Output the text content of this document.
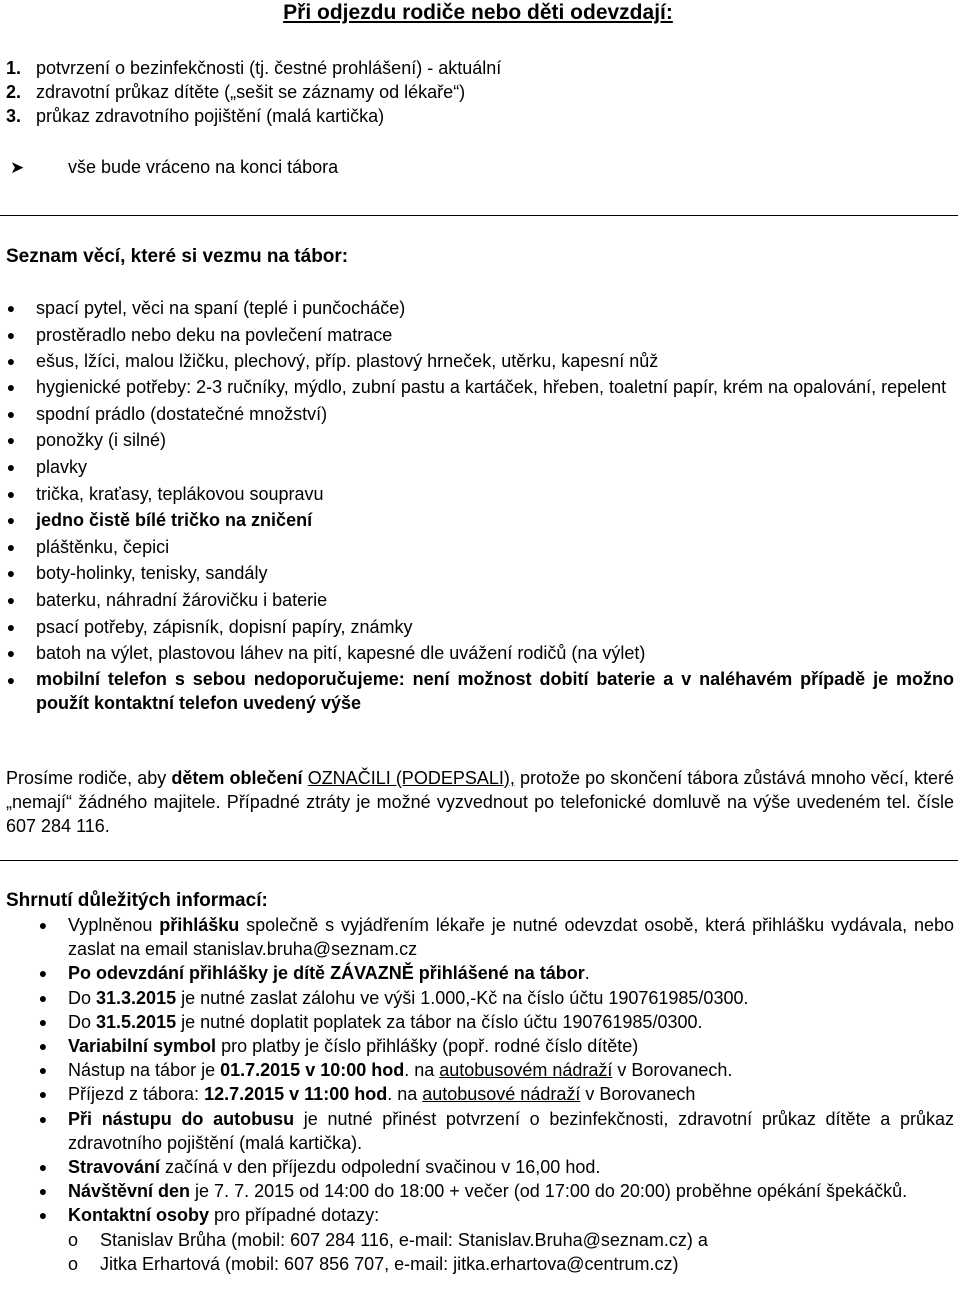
Při odjezdu rodiče nebo děti odevzdají:
1. potvrzení o bezinfekčnosti (tj. čestné prohlášení) - aktuální
2. zdravotní průkaz dítěte („sešit se záznamy od lékaře“)
3. průkaz zdravotního pojištění (malá kartička)
➤ vše bude vráceno na konci tábora
Seznam věcí, které si vezmu na tábor:
● spací pytel, věci na spaní (teplé i punčocháče)
● prostěradlo nebo deku na povlečení matrace
● ešus, lžíci, malou lžičku, plechový, příp. plastový hrneček, utěrku, kapesní nůž
● hygienické potřeby: 2-3 ručníky, mýdlo, zubní pastu a kartáček, hřeben, toaletní papír, krém na opalování, repelent
● spodní prádlo (dostatečné množství)
● ponožky (i silné)
● plavky
● trička, kraťasy, teplákovou soupravu
● jedno čistě bílé tričko na zničení
● pláštěnku, čepici
● boty-holinky, tenisky, sandály
● baterku, náhradní žárovičku i baterie
● psací potřeby, zápisník, dopisní papíry, známky
● batoh na výlet, plastovou láhev na pití, kapesné dle uvážení rodičů (na výlet)
● mobilní telefon s sebou nedoporučujeme: není možnost dobití baterie a v naléhavém případě je možno použít kontaktní telefon uvedený výše
Prosíme rodiče, aby dětem oblečení OZNAČILI (PODEPSALI), protože po skončení tábora zůstává mnoho věcí, které „nemají“ žádného majitele. Případné ztráty je možné vyzvednout po telefonické domluvě na výše uvedeném tel. čísle 607 284 116.
Shrnutí důležitých informací:
● Vyplněnou přihlášku společně s vyjádřením lékaře je nutné odevzdat osobě, která přihlášku vydávala, nebo zaslat na email stanislav.bruha@seznam.cz
● Po odevzdání přihlášky je dítě ZÁVAZNĚ přihlášené na tábor.
● Do 31.3.2015 je nutné zaslat zálohu ve výši 1.000,-Kč na číslo účtu 190761985/0300.
● Do 31.5.2015 je nutné doplatit poplatek za tábor na číslo účtu 190761985/0300.
● Variabilní symbol pro platby je číslo přihlášky (popř. rodné číslo dítěte)
● Nástup na tábor je 01.7.2015 v 10:00 hod. na autobusovém nádraží v Borovanech.
● Příjezd z tábora: 12.7.2015 v 11:00 hod. na autobusové nádraží v Borovanech
● Při nástupu do autobusu je nutné přinést potvrzení o bezinfekčnosti, zdravotní průkaz dítěte a průkaz zdravotního pojištění (malá kartička).
● Stravování začíná v den příjezdu odpolední svačinou v 16,00 hod.
● Návštěvní den je 7. 7. 2015 od 14:00 do 18:00 + večer (od 17:00 do 20:00) proběhne opékání špekáčků.
● Kontaktní osoby pro případné dotazy:
o Stanislav Brůha (mobil: 607 284 116, e-mail: Stanislav.Bruha@seznam.cz) a
o Jitka Erhartová (mobil: 607 856 707, e-mail: jitka.erhartova@centrum.cz)
